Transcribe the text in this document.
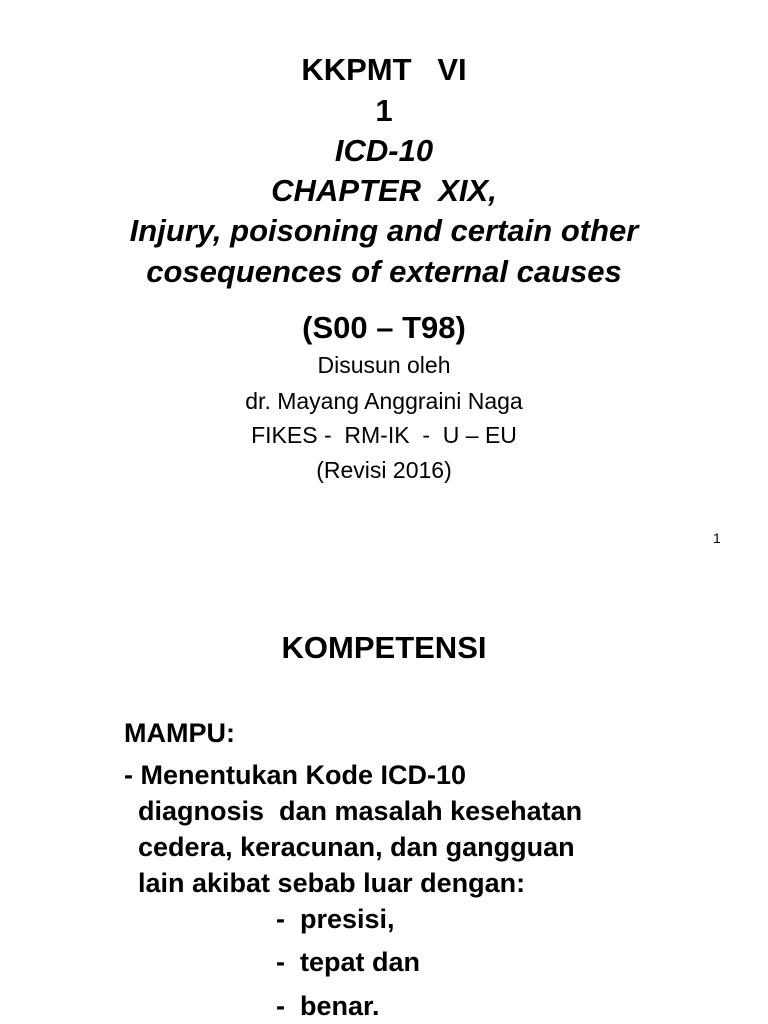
KKPMT   VI
1
ICD-10
CHAPTER  XIX,
Injury, poisoning and certain other
cosequences of external causes
(S00 – T98)
Disusun oleh
dr. Mayang Anggraini Naga
FIKES -  RM-IK  -  U – EU
(Revisi 2016)
1
KOMPETENSI
MAMPU:
- Menentukan Kode ICD-10
diagnosis  dan masalah kesehatan
cedera, keracunan, dan gangguan
lain akibat sebab luar dengan:
-  presisi,
-  tepat dan
-  benar.
